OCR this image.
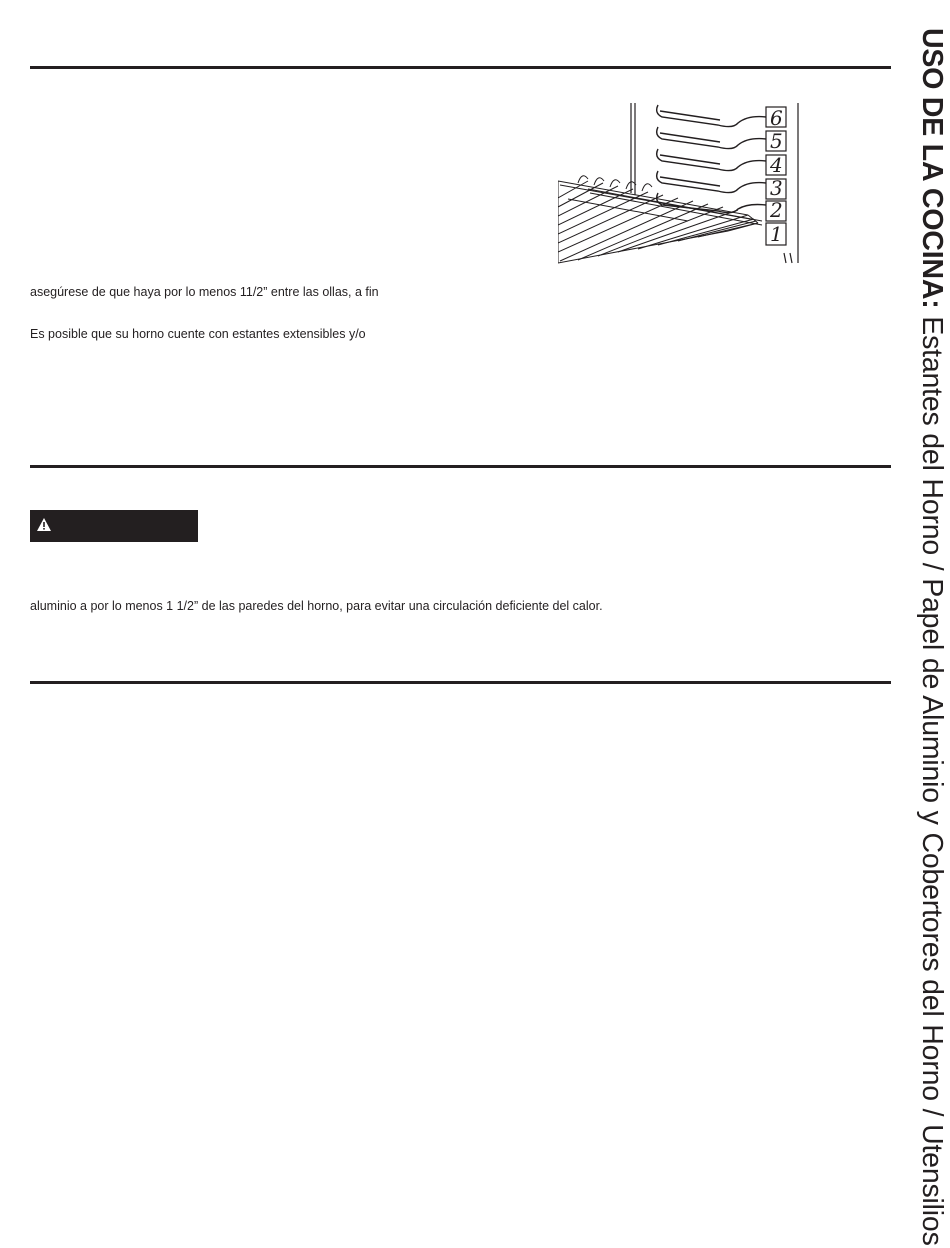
6
5
4
3
2
1
asegúrese de que haya por lo menos 11/2” entre las ollas, a fin
Es posible que su horno cuente con estantes extensibles y/o
aluminio a por lo menos 1 1/2” de las paredes del horno, para evitar una circulación deficiente del calor.
USO DE LA COCINA: Estantes del Horno / Papel de Aluminio y Cobertores del Horno / Utensilios
